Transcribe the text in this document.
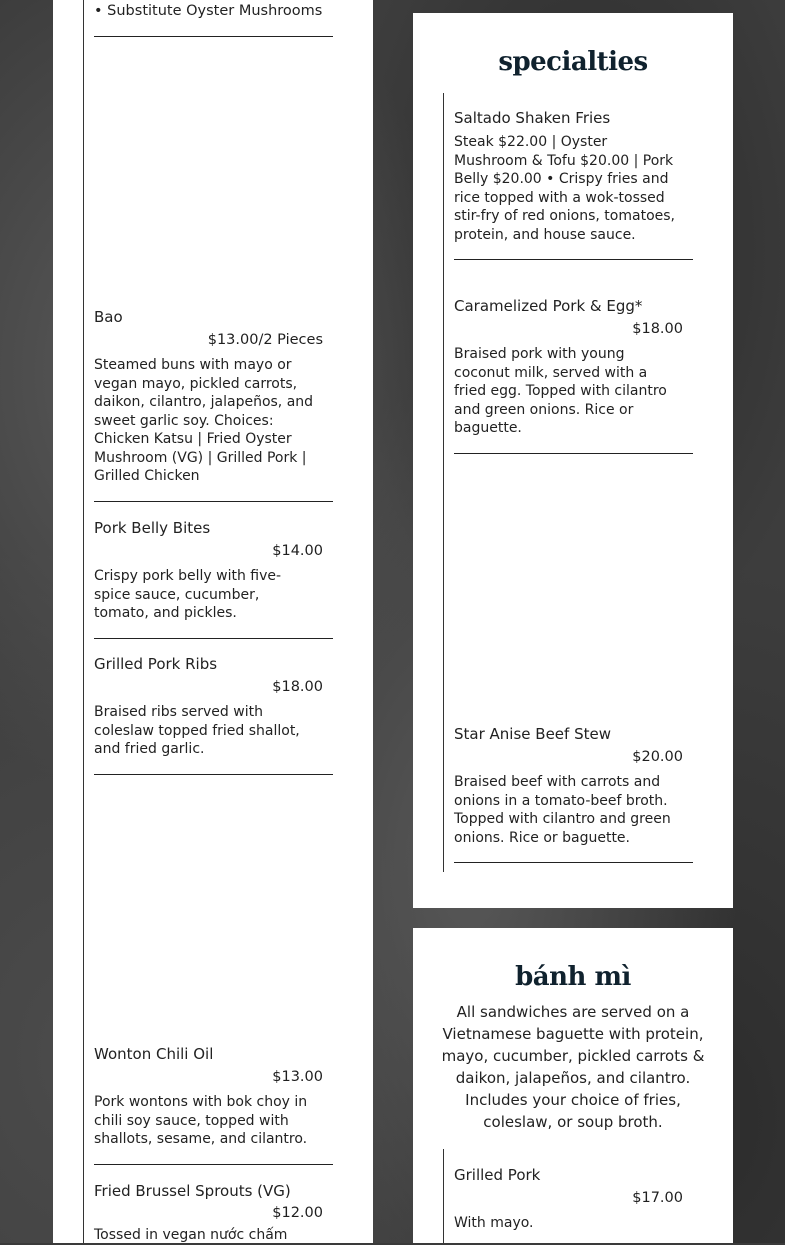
• Substitute Oyster Mushrooms
Bao
$13.00/2 Pieces
Steamed buns with mayo or vegan mayo, pickled carrots, daikon, cilantro, jalapeños, and sweet garlic soy. Choices: Chicken Katsu | Fried Oyster Mushroom (VG) | Grilled Pork | Grilled Chicken
Pork Belly Bites
$14.00
Crispy pork belly with five-spice sauce, cucumber, tomato, and pickles.
Grilled Pork Ribs
$18.00
Braised ribs served with coleslaw topped fried shallot, and fried garlic.
Wonton Chili Oil
$13.00
Pork wontons with bok choy in chili soy sauce, topped with shallots, sesame, and cilantro.
Fried Brussel Sprouts (VG)
$12.00
Tossed in vegan nước chấm
specialties
Saltado Shaken Fries
Steak $22.00 | Oyster Mushroom & Tofu $20.00 | Pork Belly $20.00 • Crispy fries and rice topped with a wok-tossed stir-fry of red onions, tomatoes, protein, and house sauce.
Caramelized Pork & Egg*
$18.00
Braised pork with young coconut milk, served with a fried egg. Topped with cilantro and green onions. Rice or baguette.
Star Anise Beef Stew
$20.00
Braised beef with carrots and onions in a tomato-beef broth. Topped with cilantro and green onions. Rice or baguette.
bánh mì
All sandwiches are served on a Vietnamese baguette with protein, mayo, cucumber, pickled carrots & daikon, jalapeños, and cilantro. Includes your choice of fries, coleslaw, or soup broth.
Grilled Pork
$17.00
With mayo.
